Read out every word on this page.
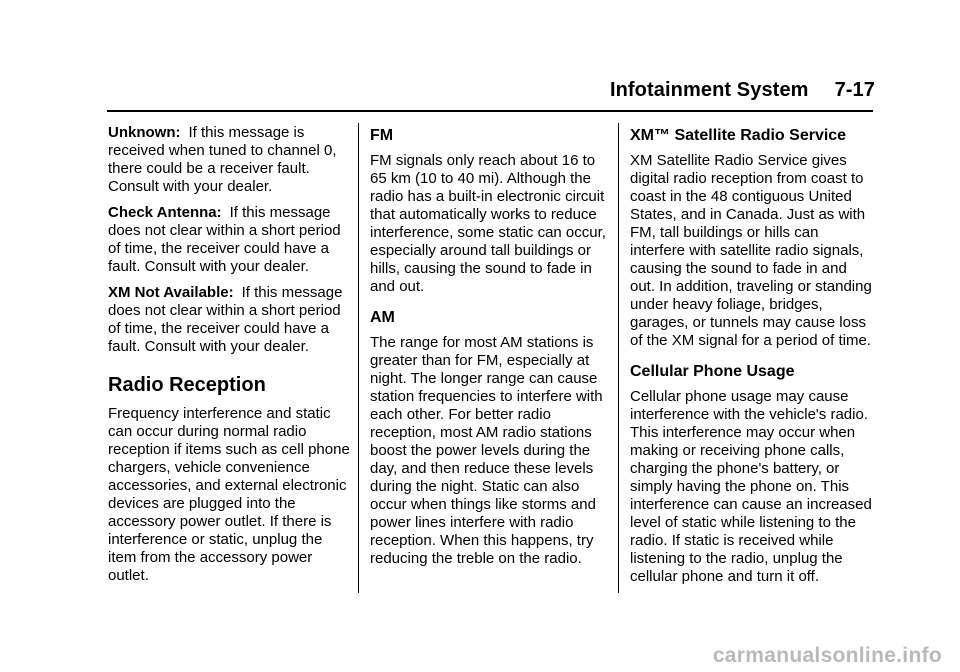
Infotainment System 7-17

Unknown: If this message is received when tuned to channel 0, there could be a receiver fault. Consult with your dealer.

Check Antenna: If this message does not clear within a short period of time, the receiver could have a fault. Consult with your dealer.

XM Not Available: If this message does not clear within a short period of time, the receiver could have a fault. Consult with your dealer.

Radio Reception

Frequency interference and static can occur during normal radio reception if items such as cell phone chargers, vehicle convenience accessories, and external electronic devices are plugged into the accessory power outlet. If there is interference or static, unplug the item from the accessory power outlet.

FM

FM signals only reach about 16 to 65 km (10 to 40 mi). Although the radio has a built-in electronic circuit that automatically works to reduce interference, some static can occur, especially around tall buildings or hills, causing the sound to fade in and out.

AM

The range for most AM stations is greater than for FM, especially at night. The longer range can cause station frequencies to interfere with each other. For better radio reception, most AM radio stations boost the power levels during the day, and then reduce these levels during the night. Static can also occur when things like storms and power lines interfere with radio reception. When this happens, try reducing the treble on the radio.

XM™ Satellite Radio Service

XM Satellite Radio Service gives digital radio reception from coast to coast in the 48 contiguous United States, and in Canada. Just as with FM, tall buildings or hills can interfere with satellite radio signals, causing the sound to fade in and out. In addition, traveling or standing under heavy foliage, bridges, garages, or tunnels may cause loss of the XM signal for a period of time.

Cellular Phone Usage

Cellular phone usage may cause interference with the vehicle's radio. This interference may occur when making or receiving phone calls, charging the phone's battery, or simply having the phone on. This interference can cause an increased level of static while listening to the radio. If static is received while listening to the radio, unplug the cellular phone and turn it off.

carmanualsonline.info
